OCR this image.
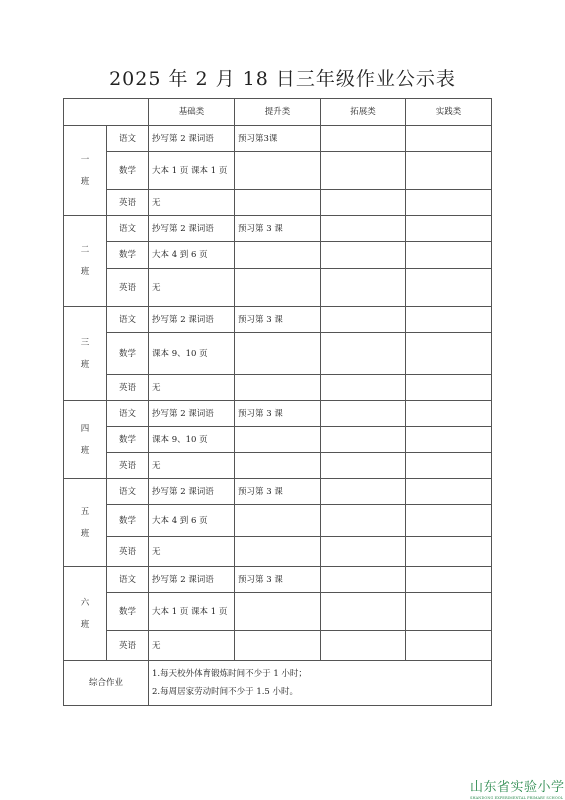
2025 年 2 月 18 日三年级作业公示表
		基础类	提升类	拓展类	实践类

一
班	语文	抄写第 2 课词语	预习第3课		
	数学	大本 1 页 课本 1 页			
	英语	无			

二
班	语文	抄写第 2 课词语	预习第 3 课		
	数学	大本 4 到 6 页			
	英语	无			

三
班	语文	抄写第 2 课词语	预习第 3 课		
	数学	课本 9、10 页			
	英语	无			

四
班	语文	抄写第 2 课词语	预习第 3 课		
	数学	课本 9、10 页			
	英语	无			

五
班	语文	抄写第 2 课词语	预习第 3 课		
	数学	大本 4 到 6 页			
	英语	无			

六
班	语文	抄写第 2 课词语	预习第 3 课		
	数学	大本 1 页 课本 1 页			
	英语	无			
综合作业		1.每天校外体育锻炼时间不少于 1 小时；
2.每周居家劳动时间不少于 1.5 小时。			
山东省实验小学
SHANDONG EXPERIMENTAL PRIMARY SCHOOL
